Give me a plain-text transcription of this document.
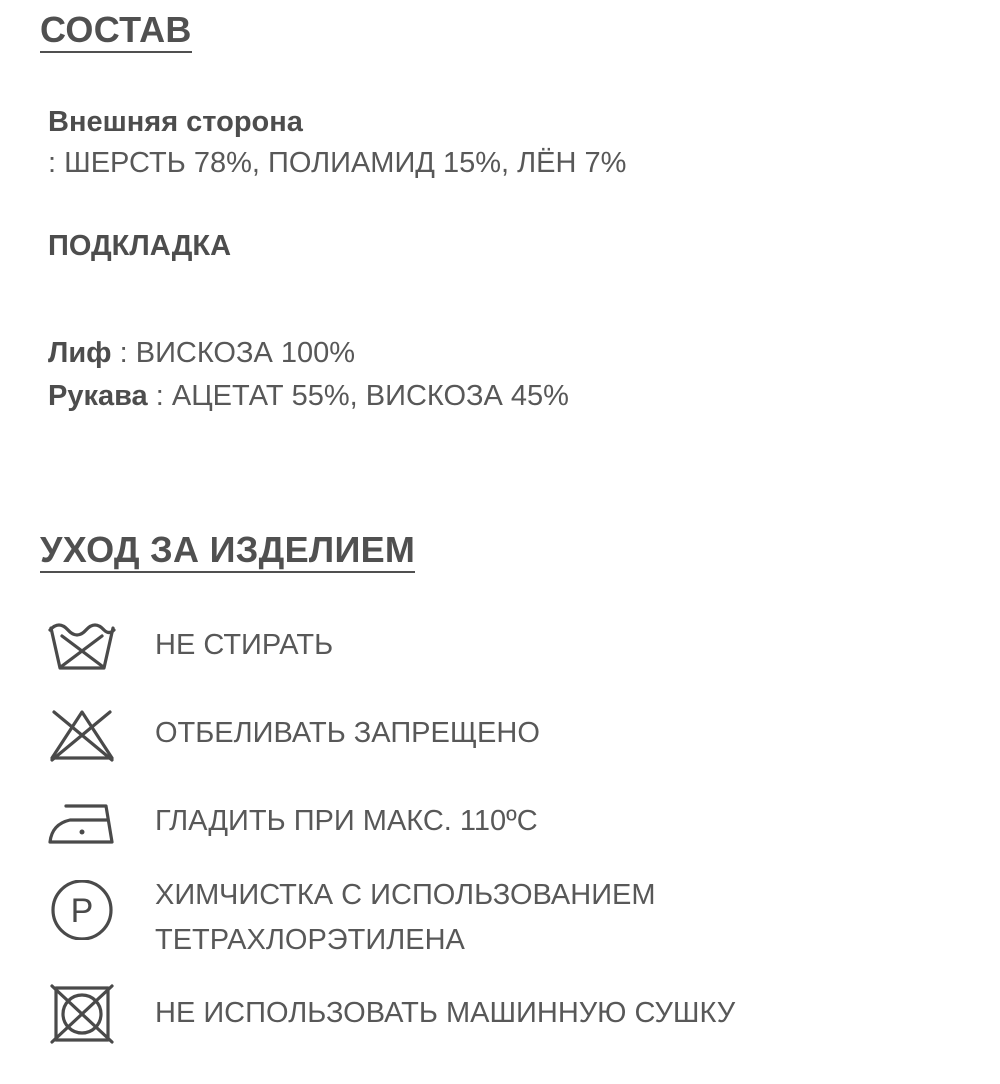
СОСТАВ
Внешняя сторона
: ШЕРСТЬ 78%, ПОЛИАМИД 15%, ЛЁН 7%
ПОДКЛАДКА
Лиф : ВИСКОЗА 100%
Рукава : АЦЕТАТ 55%, ВИСКОЗА 45%
УХОД ЗА ИЗДЕЛИЕМ
НЕ СТИРАТЬ
ОТБЕЛИВАТЬ ЗАПРЕЩЕНО
ГЛАДИТЬ ПРИ МАКС. 110ºC
P ХИМЧИСТКА С ИСПОЛЬЗОВАНИЕМ
ТЕТРАХЛОРЭТИЛЕНА
НЕ ИСПОЛЬЗОВАТЬ МАШИННУЮ СУШКУ
